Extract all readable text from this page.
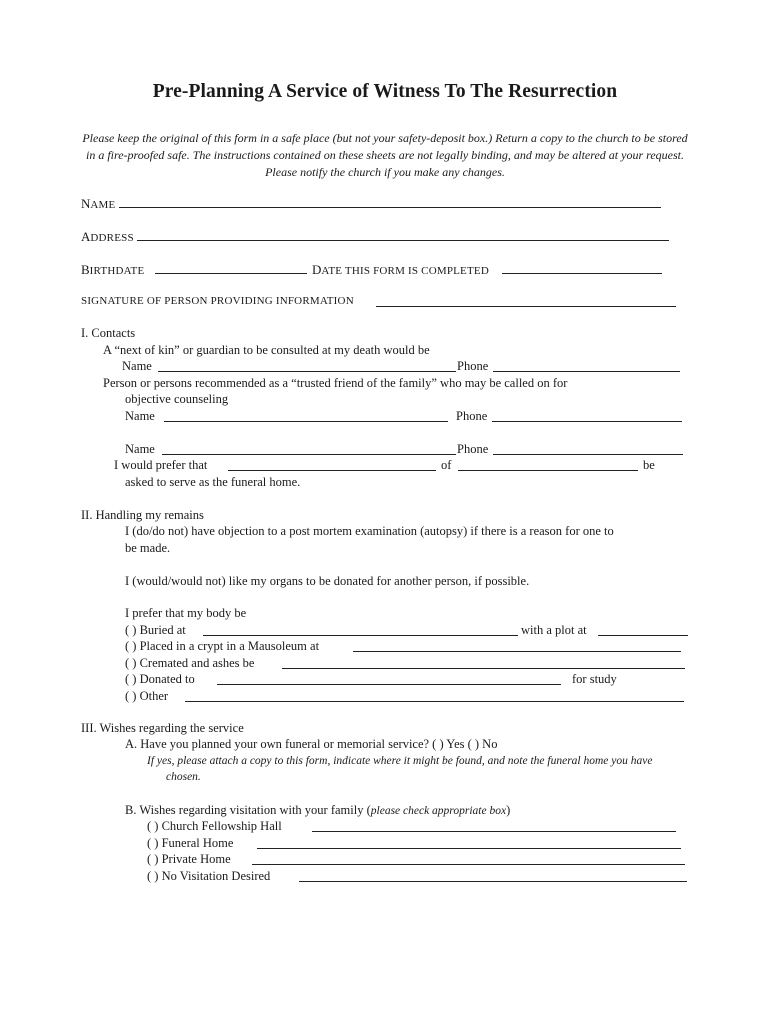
Pre-Planning A Service of Witness To The Resurrection
Please keep the original of this form in a safe place (but not your safety-deposit box.) Return a copy to the church to be stored
in a fire-proofed safe. The instructions contained on these sheets are not legally binding, and may be altered at your request.
Please notify the church if you make any changes.
NAME
ADDRESS
BIRTHDATE	DATE THIS FORM IS COMPLETED
SIGNATURE OF PERSON PROVIDING INFORMATION
I. Contacts
A “next of kin” or guardian to be consulted at my death would be
Name	Phone
Person or persons recommended as a “trusted friend of the family” who may be called on for
objective counseling
Name	Phone
Name	Phone
I would prefer that	of	be
asked to serve as the funeral home.
II. Handling my remains
I (do/do not) have objection to a post mortem examination (autopsy) if there is a reason for one to
be made.
I (would/would not) like my organs to be donated for another person, if possible.
I prefer that my body be
( ) Buried at	with a plot at
( ) Placed in a crypt in a Mausoleum at
( ) Cremated and ashes be
( ) Donated to	for study
( ) Other
III. Wishes regarding the service
A. Have you planned your own funeral or memorial service? ( ) Yes ( ) No
If yes, please attach a copy to this form, indicate where it might be found, and note the funeral home you have
chosen.
B. Wishes regarding visitation with your family (please check appropriate box)
( ) Church Fellowship Hall
( ) Funeral Home
( ) Private Home
( ) No Visitation Desired
